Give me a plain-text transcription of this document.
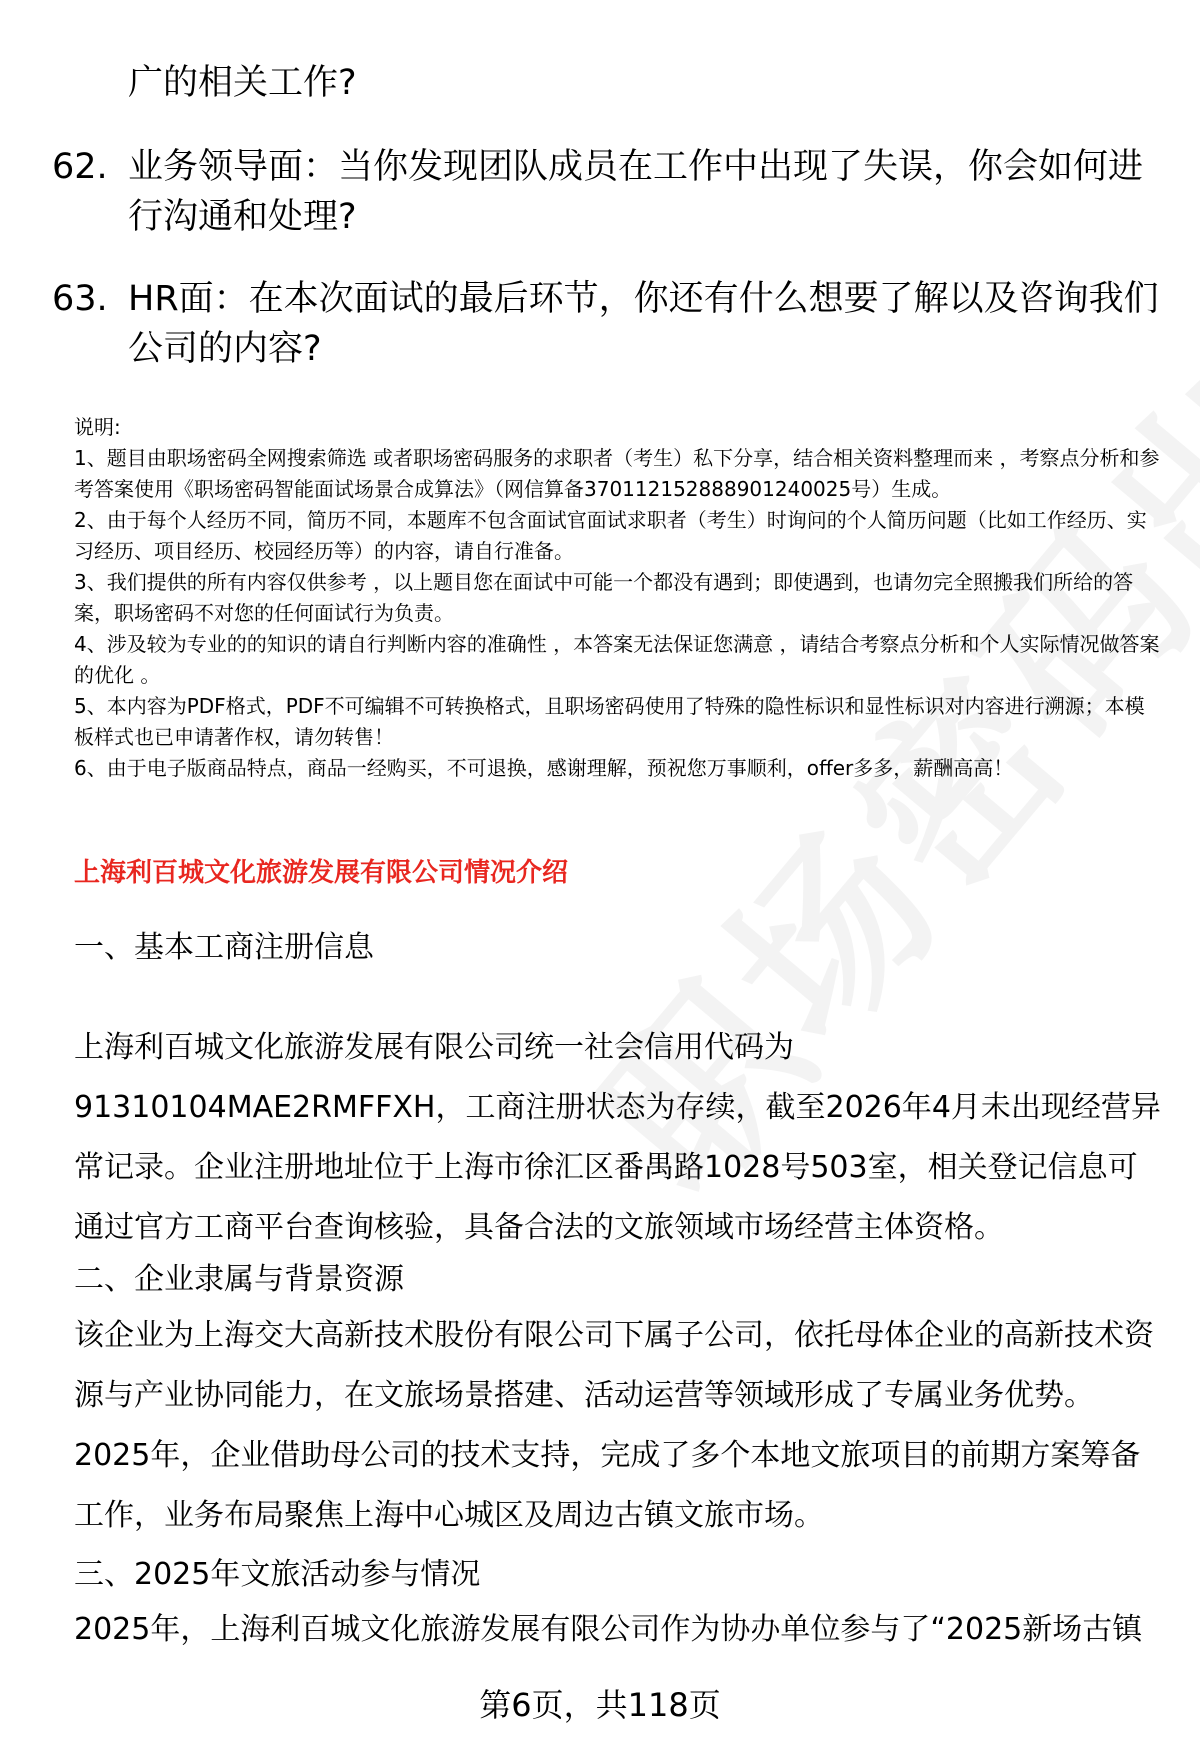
广的相关工作?
62. 业务领导面：当你发现团队成员在工作中出现了失误，你会如何进行沟通和处理?
63. HR面：在本次面试的最后环节，你还有什么想要了解以及咨询我们公司的内容?

说明:

1、题目由职场密码全网搜索筛选 或者职场密码服务的求职者（考生）私下分享，结合相关资料整理而来 ，考察点分析和参考答案使用《职场密码智能面试场景合成算法》（网信算备370112152888901240025号）生成。

2、由于每个人经历不同，简历不同，本题库不包含面试官面试求职者（考生）时询问的个人简历问题（比如工作经历、实习经历、项目经历、校园经历等）的内容，请自行准备。

3、我们提供的所有内容仅供参考 ，以上题目您在面试中可能一个都没有遇到；即使遇到，也请勿完全照搬我们所给的答案，职场密码不对您的任何面试行为负责。

4、涉及较为专业的的知识的请自行判断内容的准确性 ，本答案无法保证您满意 ，请结合考察点分析和个人实际情况做答案的优化 。

5、本内容为PDF格式，PDF不可编辑不可转换格式，且职场密码使用了特殊的隐性标识和显性标识对内容进行溯源；本模板样式也已申请著作权，请勿转售！

6、由于电子版商品特点，商品一经购买，不可退换，感谢理解，预祝您万事顺利，offer多多，薪酬高高！

上海利百城文化旅游发展有限公司情况介绍
一、基本工商注册信息

上海利百城文化旅游发展有限公司统一社会信用代码为91310104MAE2RMFFXH，工商注册状态为存续，截至2026年4月未出现经营异常记录。企业注册地址位于上海市徐汇区番禺路1028号503室，相关登记信息可通过官方工商平台查询核验，具备合法的文旅领域市场经营主体资格。

二、企业隶属与背景资源

该企业为上海交大高新技术股份有限公司下属子公司，依托母体企业的高新技术资源与产业协同能力，在文旅场景搭建、活动运营等领域形成了专属业务优势。2025年，企业借助母公司的技术支持，完成了多个本地文旅项目的前期方案筹备工作，业务布局聚焦上海中心城区及周边古镇文旅市场。

三、2025年文旅活动参与情况

2025年，上海利百城文化旅游发展有限公司作为协办单位参与了“2025新场古镇

第6页，共118页
